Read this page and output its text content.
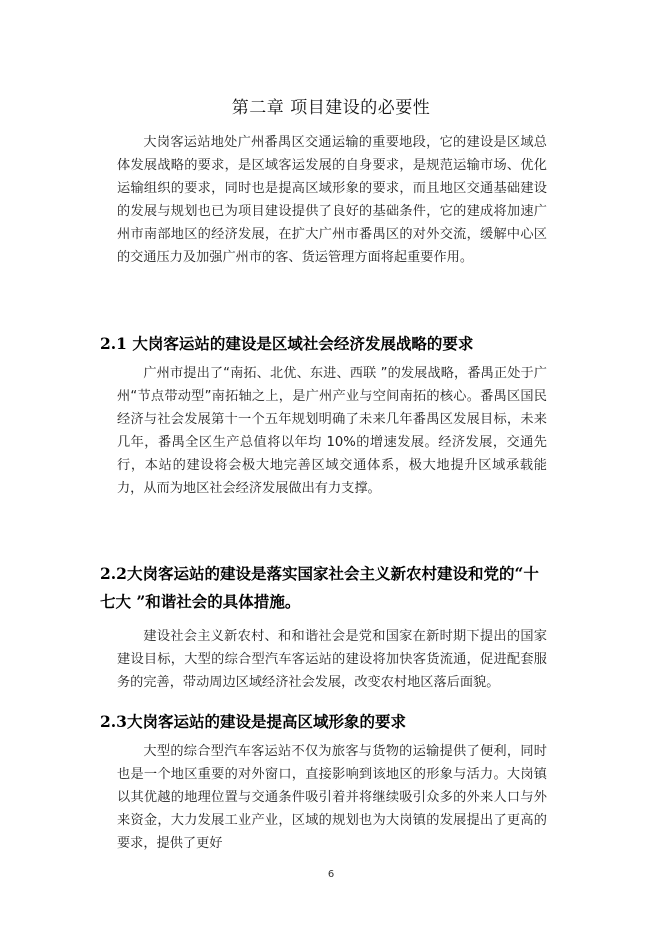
第二章 项目建设的必要性

大岗客运站地处广州番禺区交通运输的重要地段，它的建设是区域总体发展战略的要求，是区域客运发展的自身要求，是规范运输市场、优化运输组织的要求，同时也是提高区域形象的要求，而且地区交通基础建设的发展与规划也已为项目建设提供了良好的基础条件，它的建成将加速广州市南部地区的经济发展，在扩大广州市番禺区的对外交流，缓解中心区的交通压力及加强广州市的客、货运管理方面将起重要作用。

2.1 大岗客运站的建设是区域社会经济发展战略的要求

广州市提出了“南拓、北优、东进、西联 ”的发展战略，番禺正处于广州“节点带动型”南拓轴之上，是广州产业与空间南拓的核心。番禺区国民经济与社会发展第十一个五年规划明确了未来几年番禺区发展目标，未来几年，番禺全区生产总值将以年均 10%的增速发展。经济发展，交通先行，本站的建设将会极大地完善区域交通体系，极大地提升区域承载能力，从而为地区社会经济发展做出有力支撑。

2.2大岗客运站的建设是落实国家社会主义新农村建设和党的“十七大 ”和谐社会的具体措施。

建设社会主义新农村、和和谐社会是党和国家在新时期下提出的国家建设目标，大型的综合型汽车客运站的建设将加快客货流通，促进配套服务的完善，带动周边区域经济社会发展，改变农村地区落后面貌。

2.3大岗客运站的建设是提高区域形象的要求

大型的综合型汽车客运站不仅为旅客与货物的运输提供了便利，同时也是一个地区重要的对外窗口，直接影响到该地区的形象与活力。大岗镇以其优越的地理位置与交通条件吸引着并将继续吸引众多的外来人口与外来资金，大力发展工业产业，区域的规划也为大岗镇的发展提出了更高的要求，提供了更好

6
